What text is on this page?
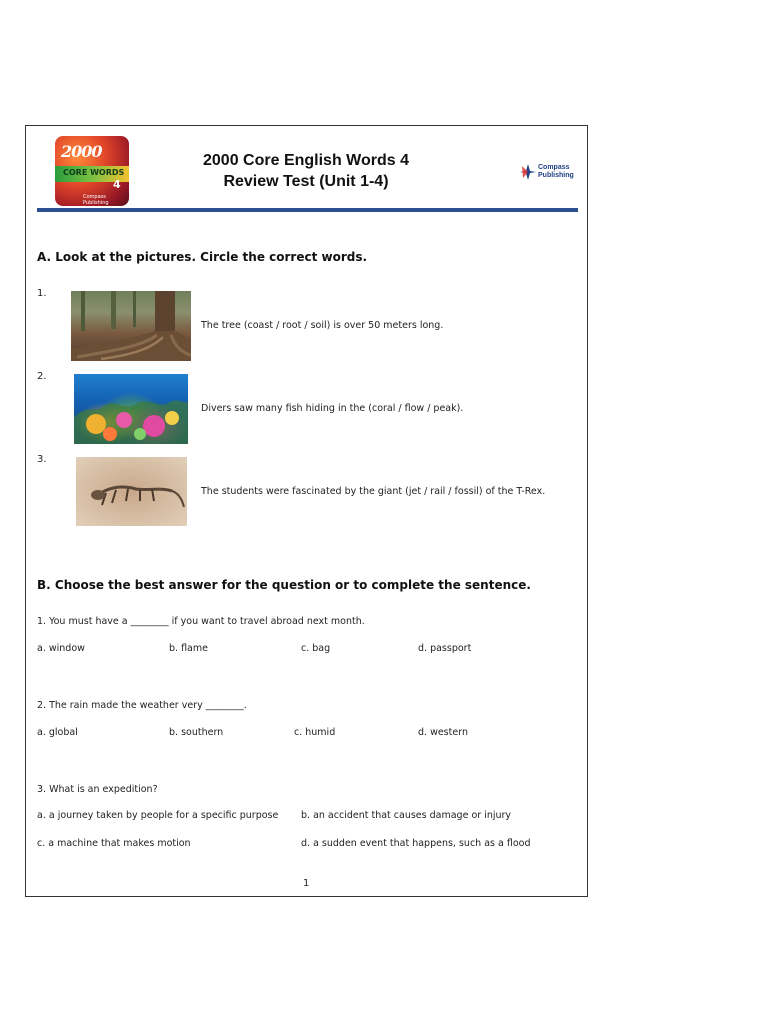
2000
CORE WORDS
4
Compass Publishing
2000 Core English Words 4
Review Test (Unit 1-4)
Compass
Publishing
A. Look at the pictures. Circle the correct words.
1.
The tree (coast / root / soil) is over 50 meters long.
2.
Divers saw many fish hiding in the (coral / flow / peak).
3.
The students were fascinated by the giant (jet / rail / fossil) of the T-Rex.
B. Choose the best answer for the question or to complete the sentence.
1. You must have a ________ if you want to travel abroad next month.
a. window	b. flame	c. bag	d. passport
2. The rain made the weather very ________.
a. global	b. southern	c. humid	d. western
3. What is an expedition?
a. a journey taken by people for a specific purpose b. an accident that causes damage or injury
c. a machine that makes motion	d. a sudden event that happens, such as a flood
1
